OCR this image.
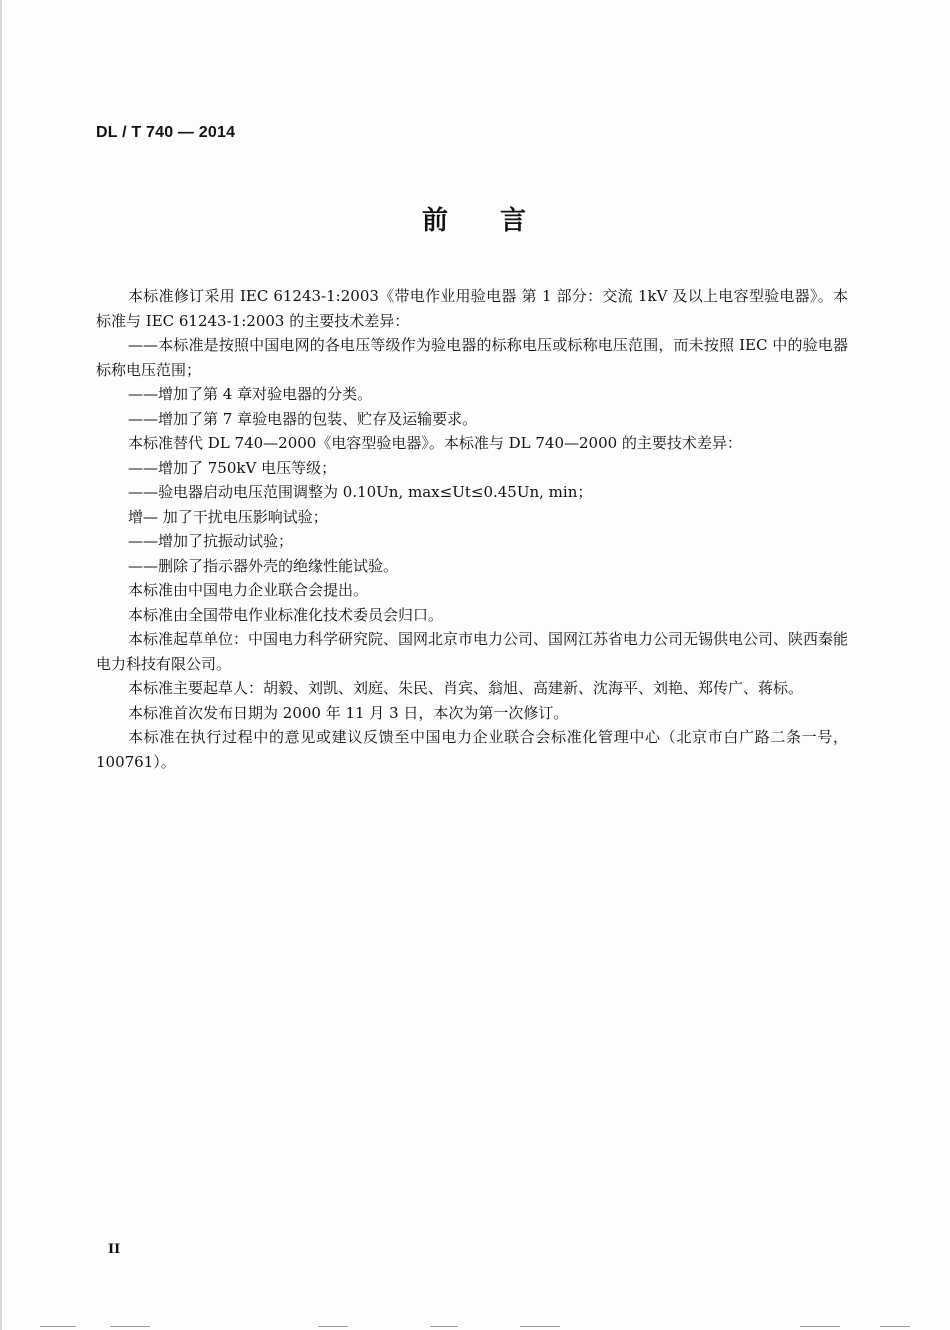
DL / T 740 — 2014
前 言

本标准修订采用 IEC 61243-1:2003《带电作业用验电器 第 1 部分：交流 1kV 及以上电容型验电器》。本标准与 IEC 61243-1:2003 的主要技术差异：

——本标准是按照中国电网的各电压等级作为验电器的标称电压或标称电压范围，而未按照 IEC 中的验电器标称电压范围；

——增加了第 4 章对验电器的分类。

——增加了第 7 章验电器的包装、贮存及运输要求。

本标准替代 DL 740—2000《电容型验电器》。本标准与 DL 740—2000 的主要技术差异：

——增加了 750kV 电压等级；

——验电器启动电压范围调整为 0.10Un, max≤Ut≤0.45Un, min；

增— 加了干扰电压影响试验；

——增加了抗振动试验；

——删除了指示器外壳的绝缘性能试验。

本标准由中国电力企业联合会提出。

本标准由全国带电作业标准化技术委员会归口。

本标准起草单位：中国电力科学研究院、国网北京市电力公司、国网江苏省电力公司无锡供电公司、陕西秦能电力科技有限公司。

本标准主要起草人：胡毅、刘凯、刘庭、朱民、肖宾、翁旭、高建新、沈海平、刘艳、郑传广、蒋标。

本标准首次发布日期为 2000 年 11 月 3 日，本次为第一次修订。

本标准在执行过程中的意见或建议反馈至中国电力企业联合会标准化管理中心（北京市白广路二条一号，100761）。

II
